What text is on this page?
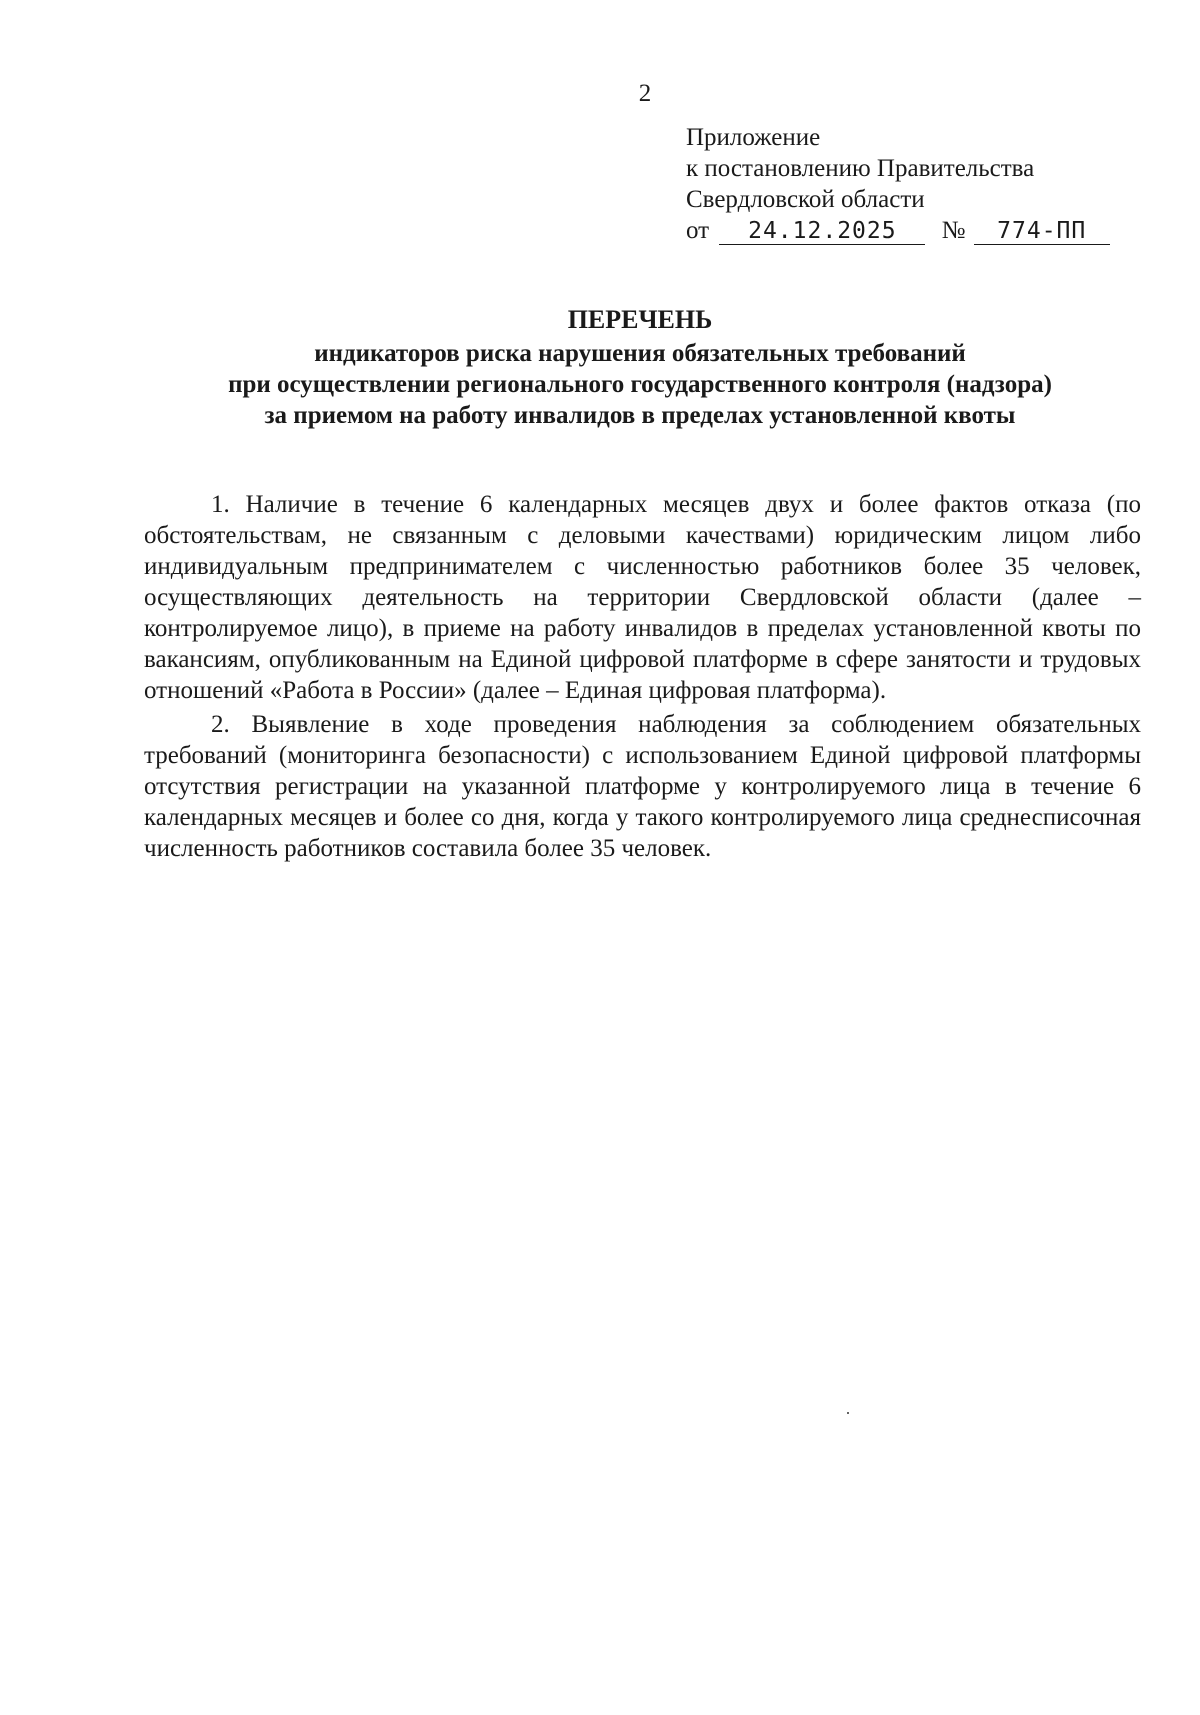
2
Приложение
к постановлению Правительства
Свердловской области
от 24.12.2025 № 774-ПП
ПЕРЕЧЕНЬ
индикаторов риска нарушения обязательных требований
при осуществлении регионального государственного контроля (надзора)
за приемом на работу инвалидов в пределах установленной квоты

1. Наличие в течение 6 календарных месяцев двух и более фактов отказа (по обстоятельствам, не связанным с деловыми качествами) юридическим лицом либо индивидуальным предпринимателем с численностью работников более 35 человек, осуществляющих деятельность на территории Свердловской области (далее – контролируемое лицо), в приеме на работу инвалидов в пределах установленной квоты по вакансиям, опубликованным на Единой цифровой платформе в сфере занятости и трудовых отношений «Работа в России» (далее – Единая цифровая платформа).

2. Выявление в ходе проведения наблюдения за соблюдением обязательных требований (мониторинга безопасности) с использованием Единой цифровой платформы отсутствия регистрации на указанной платформе у контролируемого лица в течение 6 календарных месяцев и более со дня, когда у такого контролируемого лица среднесписочная численность работников составила более 35 человек.
